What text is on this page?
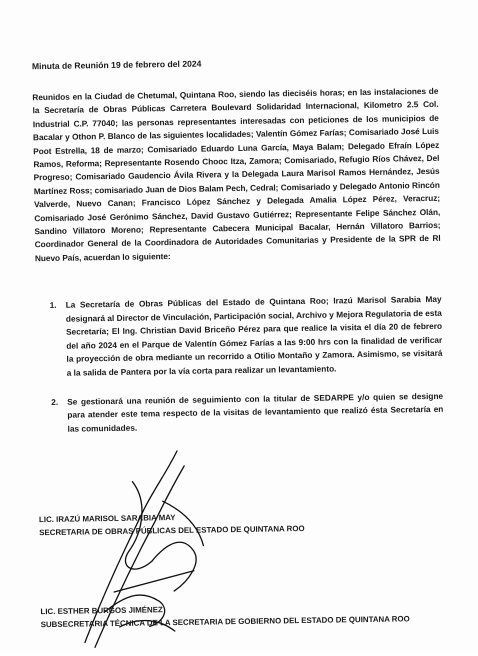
Minuta de Reunión 19 de febrero del 2024

Reunidos en la Ciudad de Chetumal, Quintana Roo, siendo las dieciséis horas; en las instalaciones de la Secretaría de Obras Públicas Carretera Boulevard Solidaridad Internacional, Kilometro 2.5 Col. Industrial C.P. 77040; las personas representantes interesadas con peticiones de los municipios de Bacalar y Othon P. Blanco de las siguientes localidades; Valentín Gómez Farías; Comisariado José Luis Poot Estrella, 18 de marzo; Comisariado Eduardo Luna García, Maya Balam; Delegado Efraín López Ramos, Reforma; Representante Rosendo Chooc Itza, Zamora; Comisariado, Refugio Ríos Chávez, Del Progreso; Comisariado Gaudencio Ávila Rivera y la Delegada Laura Marisol Ramos Hernández, Jesús Martínez Ross; comisariado Juan de Dios Balam Pech, Cedral; Comisariado y Delegado Antonio Rincón Valverde, Nuevo Canan; Francisco López Sánchez y Delegada Amalia López Pérez, Veracruz; Comisariado José Gerónimo Sánchez, David Gustavo Gutiérrez; Representante Felipe Sánchez Olán, Sandino Villatoro Moreno; Representante Cabecera Municipal Bacalar, Hernán Villatoro Barrios; Coordinador General de la Coordinadora de Autoridades Comunitarias y Presidente de la SPR de Rl Nuevo País, acuerdan lo siguiente:

1. La Secretaría de Obras Públicas del Estado de Quintana Roo; Irazú Marisol Sarabia May designará al Director de Vinculación, Participación social, Archivo y Mejora Regulatoria de esta Secretaría; El Ing. Christian David Briceño Pérez para que realice la visita el día 20 de febrero del año 2024 en el Parque de Valentín Gómez Farías a las 9:00 hrs con la finalidad de verificar la proyección de obra mediante un recorrido a Otilio Montaño y Zamora. Asimismo, se visitará a la salida de Pantera por la vía corta para realizar un levantamiento.
2. Se gestionará una reunión de seguimiento con la titular de SEDARPE y/o quien se designe para atender este tema respecto de la visitas de levantamiento que realizó ésta Secretaría en las comunidades.
LIC. IRAZÚ MARISOL SARABIA MAY
SECRETARIA DE OBRAS PÚBLICAS DEL ESTADO DE QUINTANA ROO
LIC. ESTHER BURGOS JIMÉNEZ
SUBSECRETARIA TÉCNICA DE LA SECRETARIA DE GOBIERNO DEL ESTADO DE QUINTANA ROO
